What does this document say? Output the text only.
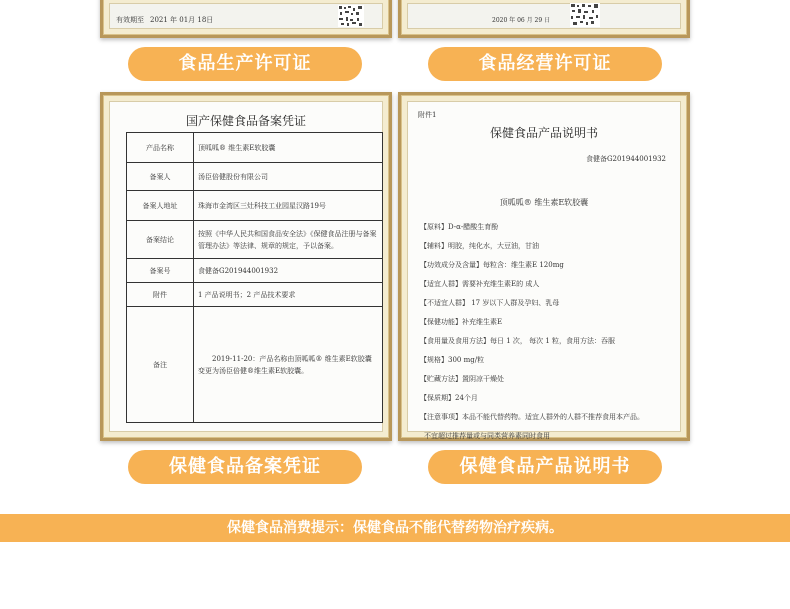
有效期至 2021 年 01月 18日	2020 年 06 月 29 日
食品生产许可证	食品经营许可证
国产保健食品备案凭证
产品名称	顶呱呱® 维生素E软胶囊
备案人	汤臣倍健股份有限公司
备案人地址	珠海市金湾区三灶科技工业园星汉路19号
备案结论	按照《中华人民共和国食品安全法》《保健食品注册与备案管理办法》等法律、规章的规定，予以备案。
备案号	食健备G201944001932
附件	1 产品说明书；2 产品技术要求
备注	2019-11-20：产品名称由顶呱呱® 维生素E软胶囊变更为汤臣倍健®维生素E软胶囊。
附件1
保健食品产品说明书
食健备G201944001932
顶呱呱® 维生素E软胶囊
【原料】D-α-醋酸生育酚
【辅料】明胶，纯化水，大豆油，甘油
【功效成分及含量】每粒含：维生素E 120mg
【适宜人群】需要补充维生素E的 成人
【不适宜人群】 17 岁以下人群及孕妇、乳母
【保健功能】补充维生素E
【食用量及食用方法】每日 1 次， 每次 1 粒，食用方法：吞服
【规格】300 mg/粒
【贮藏方法】置阴凉干燥处
【保质期】24个月
【注意事项】本品不能代替药物。适宜人群外的人群不推荐食用本产品。
不宜超过推荐量或与同类营养素同时食用
保健食品备案凭证	保健食品产品说明书
保健食品消费提示：保健食品不能代替药物治疗疾病。
